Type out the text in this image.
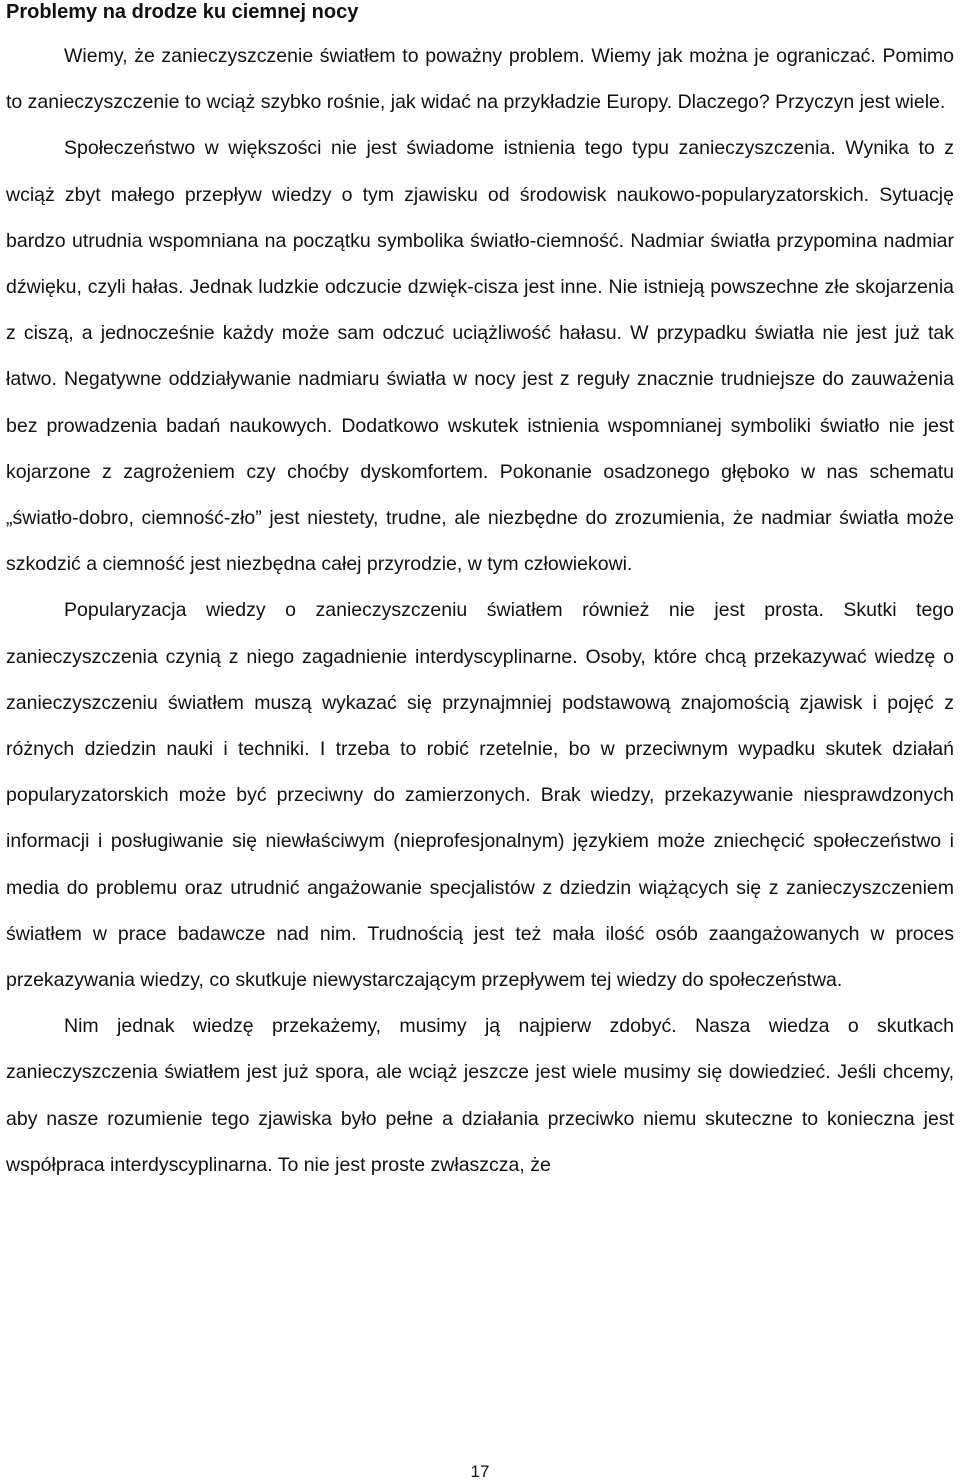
Problemy na drodze ku ciemnej nocy

Wiemy, że zanieczyszczenie światłem to poważny problem. Wiemy jak można je ograniczać. Pomimo to zanieczyszczenie to wciąż szybko rośnie, jak widać na przykładzie Europy. Dlaczego? Przyczyn jest wiele.

Społeczeństwo w większości nie jest świadome istnienia tego typu zanieczyszczenia. Wynika to z wciąż zbyt małego przepływ wiedzy o tym zjawisku od środowisk naukowo-popularyzatorskich. Sytuację bardzo utrudnia wspomniana na początku symbolika światło-ciemność. Nadmiar światła przypomina nadmiar dźwięku, czyli hałas. Jednak ludzkie odczucie dzwięk-cisza jest inne. Nie istnieją powszechne złe skojarzenia z ciszą, a jednocześnie każdy może sam odczuć uciążliwość hałasu. W przypadku światła nie jest już tak łatwo. Negatywne oddziaływanie nadmiaru światła w nocy jest z reguły znacznie trudniejsze do zauważenia bez prowadzenia badań naukowych. Dodatkowo wskutek istnienia wspomnianej symboliki światło nie jest kojarzone z zagrożeniem czy choćby dyskomfortem. Pokonanie osadzonego głęboko w nas schematu „światło-dobro, ciemność-zło” jest niestety, trudne, ale niezbędne do zrozumienia, że nadmiar światła może szkodzić a ciemność jest niezbędna całej przyrodzie, w tym człowiekowi.

Popularyzacja wiedzy o zanieczyszczeniu światłem również nie jest prosta. Skutki tego zanieczyszczenia czynią z niego zagadnienie interdyscyplinarne. Osoby, które chcą przekazywać wiedzę o zanieczyszczeniu światłem muszą wykazać się przynajmniej podstawową znajomością zjawisk i pojęć z różnych dziedzin nauki i techniki. I trzeba to robić rzetelnie, bo w przeciwnym wypadku skutek działań popularyzatorskich może być przeciwny do zamierzonych. Brak wiedzy, przekazywanie niesprawdzonych informacji i posługiwanie się niewłaściwym (nieprofesjonalnym) językiem może zniechęcić społeczeństwo i media do problemu oraz utrudnić angażowanie specjalistów z dziedzin wiążących się z zanieczyszczeniem światłem w prace badawcze nad nim. Trudnością jest też mała ilość osób zaangażowanych w proces przekazywania wiedzy, co skutkuje niewystarczającym przepływem tej wiedzy do społeczeństwa.

Nim jednak wiedzę przekażemy, musimy ją najpierw zdobyć. Nasza wiedza o skutkach zanieczyszczenia światłem jest już spora, ale wciąż jeszcze jest wiele musimy się dowiedzieć. Jeśli chcemy, aby nasze rozumienie tego zjawiska było pełne a działania przeciwko niemu skuteczne to konieczna jest współpraca interdyscyplinarna. To nie jest proste zwłaszcza, że

17
